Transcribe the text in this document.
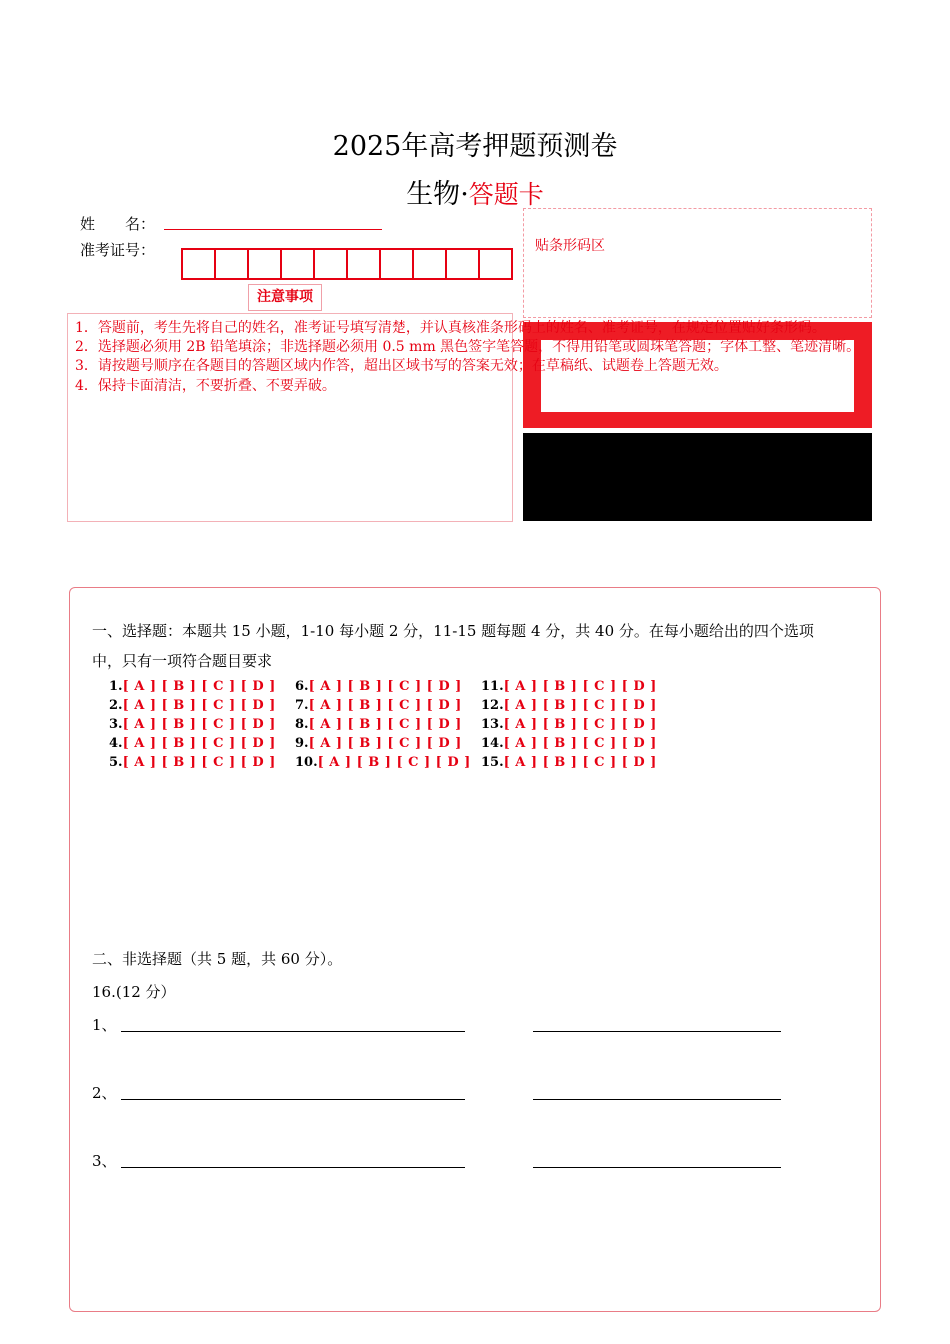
2025年高考押题预测卷
生物·答题卡
姓　　名：
准考证号：
注意事项
1．答题前，考生先将自己的姓名，准考证号填写清楚，并认真核准条形码上的姓名、准考证号，在规定位置贴好条形码。
2．选择题必须用 2B 铅笔填涂；非选择题必须用 0.5 mm 黑色签字笔答题，不得用铅笔或圆珠笔答题；字体工整、笔迹清晰。
3．请按题号顺序在各题目的答题区域内作答，超出区域书写的答案无效；在草稿纸、试题卷上答题无效。
4．保持卡面清洁，不要折叠、不要弄破。
贴条形码区
一、选择题：本题共 15 小题，1-10 每小题 2 分，11-15 题每题 4 分，共 40 分。在每小题给出的四个选项
中，只有一项符合题目要求
1.[ A ] [ B ] [ C ] [ D ]
2.[ A ] [ B ] [ C ] [ D ]
3.[ A ] [ B ] [ C ] [ D ]
4.[ A ] [ B ] [ C ] [ D ]
5.[ A ] [ B ] [ C ] [ D ]
6.[ A ] [ B ] [ C ] [ D ]
7.[ A ] [ B ] [ C ] [ D ]
8.[ A ] [ B ] [ C ] [ D ]
9.[ A ] [ B ] [ C ] [ D ]
10.[ A ] [ B ] [ C ] [ D ]
11.[ A ] [ B ] [ C ] [ D ]
12.[ A ] [ B ] [ C ] [ D ]
13.[ A ] [ B ] [ C ] [ D ]
14.[ A ] [ B ] [ C ] [ D ]
15.[ A ] [ B ] [ C ] [ D ]
二、非选择题（共 5 题，共 60 分）。
16.(12 分）
1、
2、
3、
